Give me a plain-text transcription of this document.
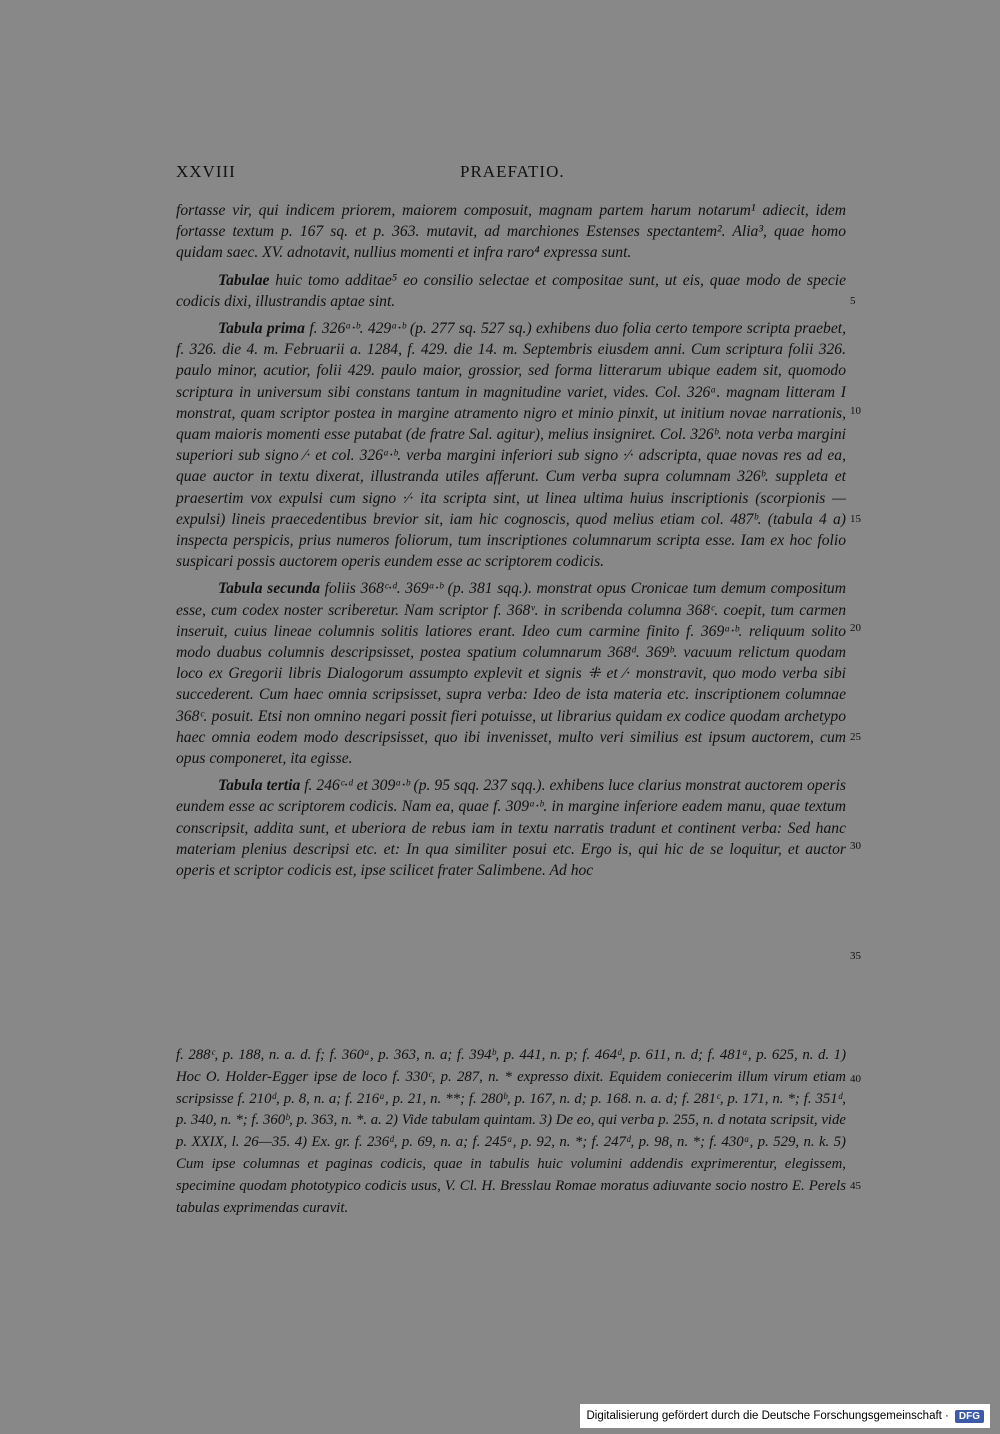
XXVIII	PRAEFATIO.

fortasse vir, qui indicem priorem, maiorem composuit, magnam partem harum notarum¹ adiecit, idem fortasse textum p. 167 sq. et p. 363. mutavit, ad marchiones Estenses spectantem². Alia³, quae homo quidam saec. XV. adnotavit, nullius momenti et infra raro⁴ expressa sunt.

Tabulae huic tomo additae⁵ eo consilio selectae et compositae sunt, ut eis, quae modo de specie codicis dixi, illustrandis aptae sint.

Tabula prima f. 326ᵃ·ᵇ. 429ᵃ·ᵇ (p. 277 sq. 527 sq.) exhibens duo folia certo tempore scripta praebet, f. 326. die 4. m. Februarii a. 1284, f. 429. die 14. m. Septembris eiusdem anni. Cum scriptura folii 326. paulo minor, acutior, folii 429. paulo maior, grossior, sed forma litterarum ubique eadem sit, quomodo scriptura in universum sibi constans tantum in magnitudine variet, vides. Col. 326ᵃ. magnam litteram I monstrat, quam scriptor postea in margine atramento nigro et minio pinxit, ut initium novae narrationis, quam maioris momenti esse putabat (de fratre Sal. agitur), melius insigniret. Col. 326ᵇ. nota verba margini superiori sub signo ⁄· et col. 326ᵃ·ᵇ. verba margini inferiori sub signo ·⁄· adscripta, quae novas res ad ea, quae auctor in textu dixerat, illustranda utiles afferunt. Cum verba supra columnam 326ᵇ. suppleta et praesertim vox expulsi cum signo ·⁄· ita scripta sint, ut linea ultima huius inscriptionis (scorpionis — expulsi) lineis praecedentibus brevior sit, iam hic cognoscis, quod melius etiam col. 487ᵇ. (tabula 4 a) inspecta perspicis, prius numeros foliorum, tum inscriptiones columnarum scripta esse. Iam ex hoc folio suspicari possis auctorem operis eundem esse ac scriptorem codicis.

Tabula secunda foliis 368ᶜ·ᵈ. 369ᵃ·ᵇ (p. 381 sqq.). monstrat opus Cronicae tum demum compositum esse, cum codex noster scriberetur. Nam scriptor f. 368ᵛ. in scribenda columna 368ᶜ. coepit, tum carmen inseruit, cuius lineae columnis solitis latiores erant. Ideo cum carmine finito f. 369ᵃ·ᵇ. reliquum solito modo duabus columnis descripsisset, postea spatium columnarum 368ᵈ. 369ᵇ. vacuum relictum quodam loco ex Gregorii libris Dialogorum assumpto explevit et signis ⁜ et ⁄· monstravit, quo modo verba sibi succederent. Cum haec omnia scripsisset, supra verba: Ideo de ista materia etc. inscriptionem columnae 368ᶜ. posuit. Etsi non omnino negari possit fieri potuisse, ut librarius quidam ex codice quodam archetypo haec omnia eodem modo descripsisset, quo ibi invenisset, multo veri similius est ipsum auctorem, cum opus componeret, ita egisse.

Tabula tertia f. 246ᶜ·ᵈ et 309ᵃ·ᵇ (p. 95 sqq. 237 sqq.). exhibens luce clarius monstrat auctorem operis eundem esse ac scriptorem codicis. Nam ea, quae f. 309ᵃ·ᵇ. in margine inferiore eadem manu, quae textum conscripsit, addita sunt, et uberiora de rebus iam in textu narratis tradunt et continent verba: Sed hanc materiam plenius descripsi etc. et: In qua similiter posui etc. Ergo is, qui hic de se loquitur, et auctor operis et scriptor codicis est, ipse scilicet frater Salimbene. Ad hoc

5
10
15
20
25
30
35
40
45
f. 288ᶜ, p. 188, n. a. d. f; f. 360ᵃ, p. 363, n. a; f. 394ᵇ, p. 441, n. p; f. 464ᵈ, p. 611, n. d; f. 481ᵃ, p. 625, n. d. 1) Hoc O. Holder-Egger ipse de loco f. 330ᶜ, p. 287, n. * expresso dixit. Equidem coniecerim illum virum etiam scripsisse f. 210ᵈ, p. 8, n. a; f. 216ᵃ, p. 21, n. **; f. 280ᵇ, p. 167, n. d; p. 168. n. a. d; f. 281ᶜ, p. 171, n. *; f. 351ᵈ, p. 340, n. *; f. 360ᵇ, p. 363, n. *. a. 2) Vide tabulam quintam. 3) De eo, qui verba p. 255, n. d notata scripsit, vide p. XXIX, l. 26—35. 4) Ex. gr. f. 236ᵈ, p. 69, n. a; f. 245ᵃ, p. 92, n. *; f. 247ᵈ, p. 98, n. *; f. 430ᵃ, p. 529, n. k. 5) Cum ipse columnas et paginas codicis, quae in tabulis huic volumini addendis exprimerentur, elegissem, specimine quodam phototypico codicis usus, V. Cl. H. Bresslau Romae moratus adiuvante socio nostro E. Perels tabulas exprimendas curavit.
Digitalisierung gefördert durch die Deutsche Forschungsgemeinschaft ·	DFG
